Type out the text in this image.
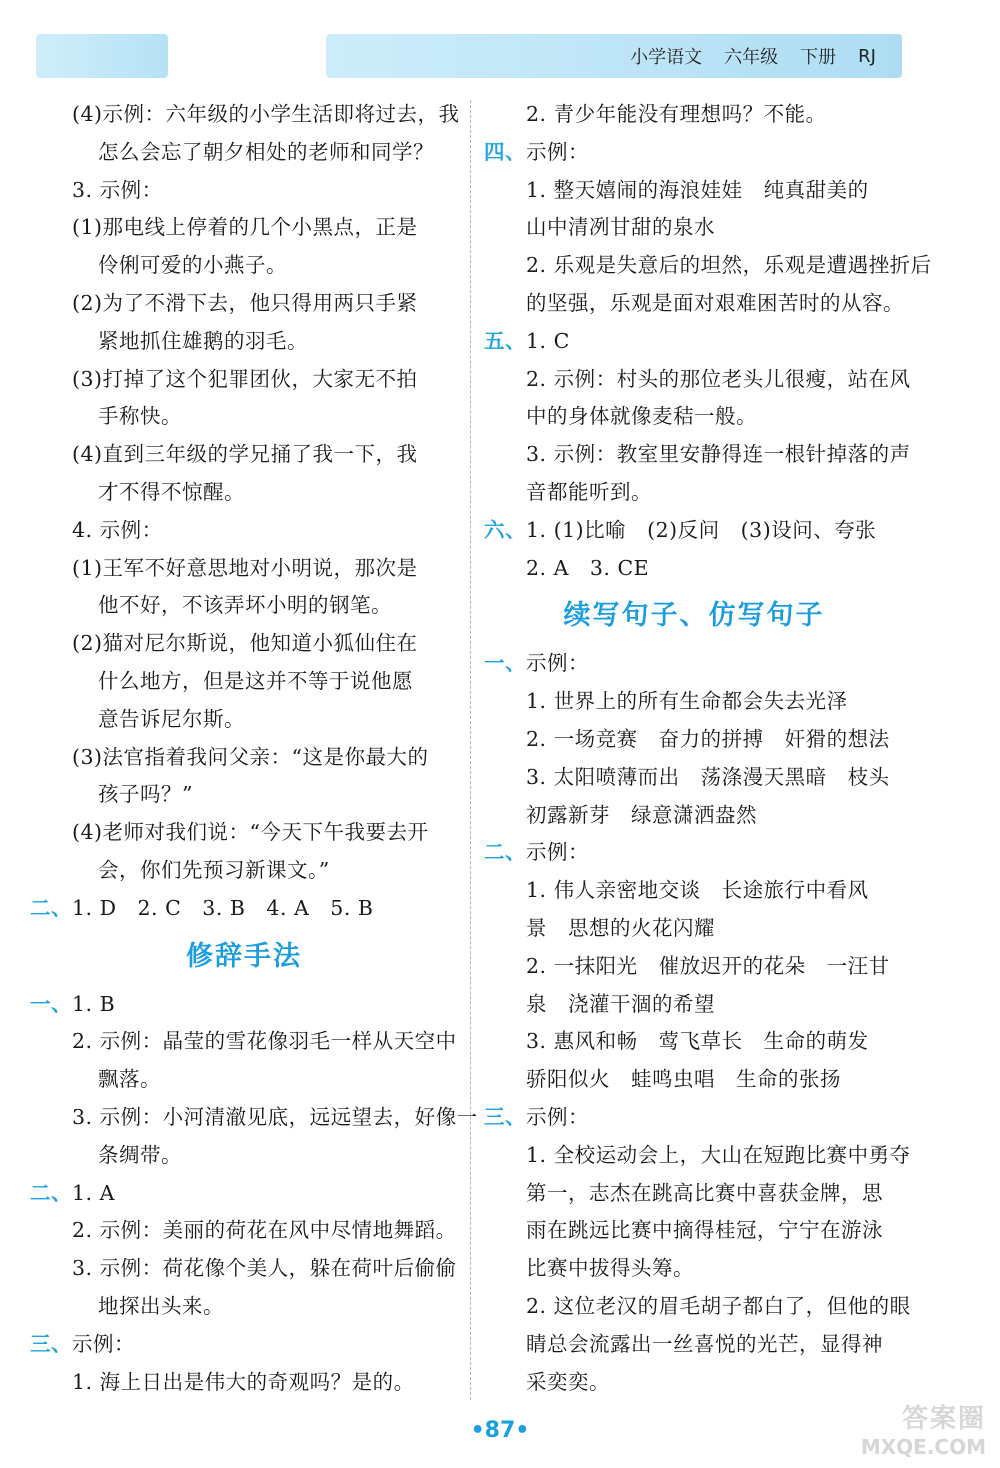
小学语文 六年级 下册 RJ
(4)示例：六年级的小学生活即将过去，我
怎么会忘了朝夕相处的老师和同学？
3. 示例：
(1)那电线上停着的几个小黑点，正是
伶俐可爱的小燕子。
(2)为了不滑下去，他只得用两只手紧
紧地抓住雄鹅的羽毛。
(3)打掉了这个犯罪团伙，大家无不拍
手称快。
(4)直到三年级的学兄捅了我一下，我
才不得不惊醒。
4. 示例：
(1)王军不好意思地对小明说，那次是
他不好，不该弄坏小明的钢笔。
(2)猫对尼尔斯说，他知道小狐仙住在
什么地方，但是这并不等于说他愿
意告诉尼尔斯。
(3)法官指着我问父亲：“这是你最大的
孩子吗？”
(4)老师对我们说：“今天下午我要去开
会，你们先预习新课文。”
二、1. D　2. C　3. B　4. A　5. B
修辞手法
一、1. B
2. 示例：晶莹的雪花像羽毛一样从天空中
飘落。
3. 示例：小河清澈见底，远远望去，好像一
条绸带。
二、1. A
2. 示例：美丽的荷花在风中尽情地舞蹈。
3. 示例：荷花像个美人，躲在荷叶后偷偷
地探出头来。
三、示例：
1. 海上日出是伟大的奇观吗？是的。
2. 青少年能没有理想吗？不能。
四、示例：
1. 整天嬉闹的海浪娃娃　纯真甜美的
山中清冽甘甜的泉水
2. 乐观是失意后的坦然，乐观是遭遇挫折后
的坚强，乐观是面对艰难困苦时的从容。
五、1. C
2. 示例：村头的那位老头儿很瘦，站在风
中的身体就像麦秸一般。
3. 示例：教室里安静得连一根针掉落的声
音都能听到。
六、1. (1)比喻　(2)反问　(3)设问、夸张
2. A　3. CE
续写句子、仿写句子
一、示例：
1. 世界上的所有生命都会失去光泽
2. 一场竞赛　奋力的拼搏　奸猾的想法
3. 太阳喷薄而出　荡涤漫天黑暗　枝头
初露新芽　绿意潇洒盎然
二、示例：
1. 伟人亲密地交谈　长途旅行中看风
景　思想的火花闪耀
2. 一抹阳光　催放迟开的花朵　一汪甘
泉　浇灌干涸的希望
3. 惠风和畅　莺飞草长　生命的萌发
骄阳似火　蛙鸣虫唱　生命的张扬
三、示例：
1. 全校运动会上，大山在短跑比赛中勇夺
第一，志杰在跳高比赛中喜获金牌，思
雨在跳远比赛中摘得桂冠，宁宁在游泳
比赛中拔得头筹。
2. 这位老汉的眉毛胡子都白了，但他的眼
睛总会流露出一丝喜悦的光芒，显得神
采奕奕。
•87•	答案圈
MXQE.COM
